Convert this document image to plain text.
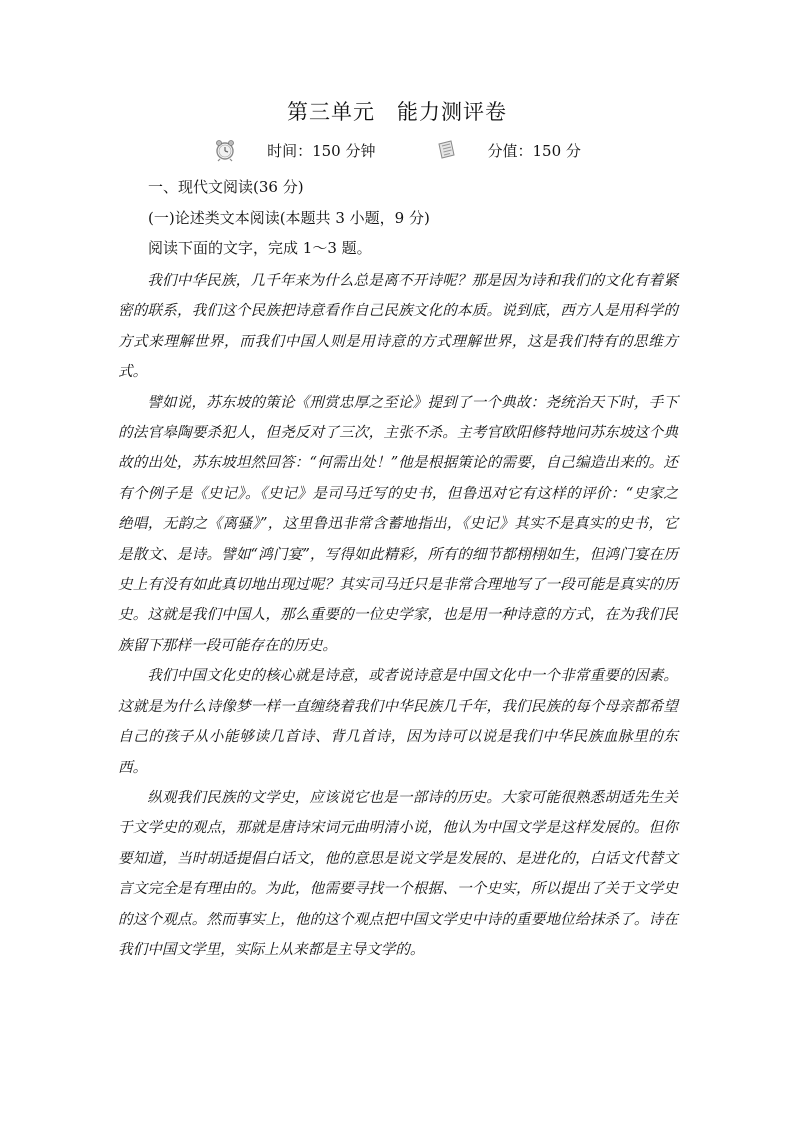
第三单元　能力测评卷
时间：150 分钟	分值：150 分
一、现代文阅读(36 分)
(一)论述类文本阅读(本题共 3 小题，9 分)
阅读下面的文字，完成 1～3 题。

我们中华民族，几千年来为什么总是离不开诗呢？那是因为诗和我们的文化有着紧密的联系，我们这个民族把诗意看作自己民族文化的本质。说到底，西方人是用科学的方式来理解世界，而我们中国人则是用诗意的方式理解世界，这是我们特有的思维方式。

譬如说，苏东坡的策论《刑赏忠厚之至论》提到了一个典故：尧统治天下时，手下的法官皋陶要杀犯人，但尧反对了三次，主张不杀。主考官欧阳修特地问苏东坡这个典故的出处，苏东坡坦然回答：“何需出处！”他是根据策论的需要，自己编造出来的。还有个例子是《史记》。《史记》是司马迁写的史书，但鲁迅对它有这样的评价：“史家之绝唱，无韵之《离骚》”，这里鲁迅非常含蓄地指出，《史记》其实不是真实的史书，它是散文、是诗。譬如“鸿门宴”，写得如此精彩，所有的细节都栩栩如生，但鸿门宴在历史上有没有如此真切地出现过呢？其实司马迁只是非常合理地写了一段可能是真实的历史。这就是我们中国人，那么重要的一位史学家，也是用一种诗意的方式，在为我们民族留下那样一段可能存在的历史。

我们中国文化史的核心就是诗意，或者说诗意是中国文化中一个非常重要的因素。这就是为什么诗像梦一样一直缠绕着我们中华民族几千年，我们民族的每个母亲都希望自己的孩子从小能够读几首诗、背几首诗，因为诗可以说是我们中华民族血脉里的东西。

纵观我们民族的文学史，应该说它也是一部诗的历史。大家可能很熟悉胡适先生关于文学史的观点，那就是唐诗宋词元曲明清小说，他认为中国文学是这样发展的。但你要知道，当时胡适提倡白话文，他的意思是说文学是发展的、是进化的，白话文代替文言文完全是有理由的。为此，他需要寻找一个根据、一个史实，所以提出了关于文学史的这个观点。然而事实上，他的这个观点把中国文学史中诗的重要地位给抹杀了。诗在我们中国文学里，实际上从来都是主导文学的。
